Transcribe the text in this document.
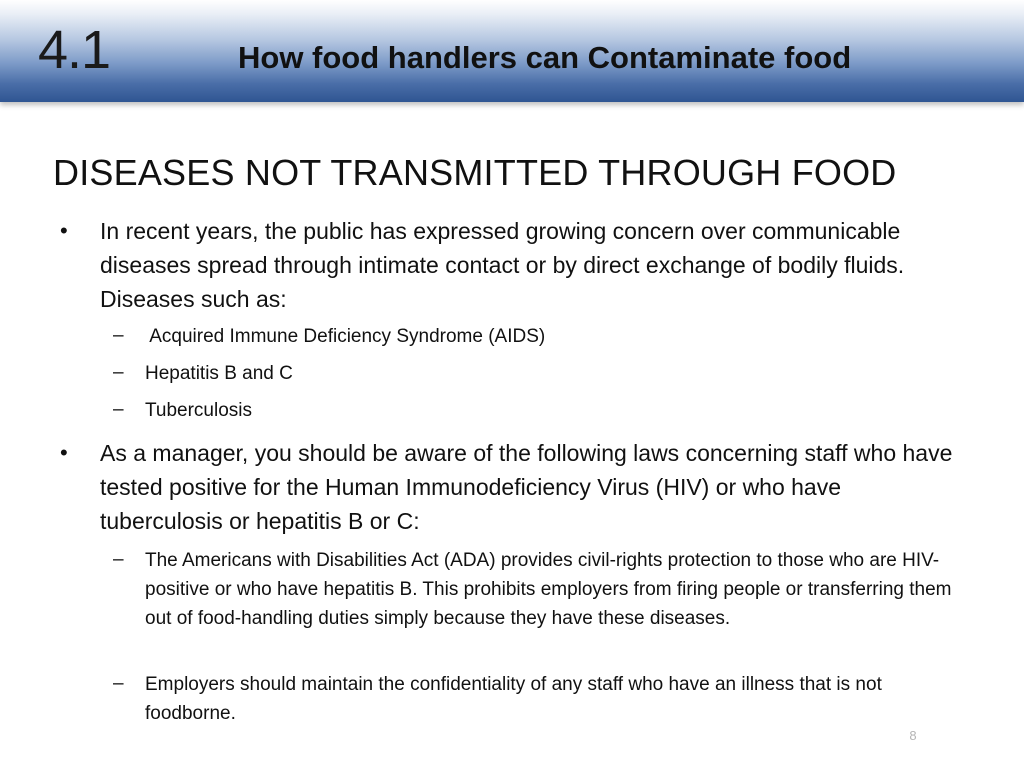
4.1	How food handlers can Contaminate food
DISEASES NOT TRANSMITTED THROUGH FOOD
• In recent years, the public has expressed growing concern over communicable diseases spread through intimate contact or by direct exchange of bodily fluids. Diseases such as:
– Acquired Immune Deficiency Syndrome (AIDS)
– Hepatitis B and C
– Tuberculosis
• As a manager, you should be aware of the following laws concerning staff who have tested positive for the Human Immunodeficiency Virus (HIV) or who have tuberculosis or hepatitis B or C:
– The Americans with Disabilities Act (ADA) provides civil-rights protection to those who are HIV-positive or who have hepatitis B. This prohibits employers from firing people or transferring them out of food-handling duties simply because they have these diseases.
– Employers should maintain the confidentiality of any staff who have an illness that is not foodborne.
8
